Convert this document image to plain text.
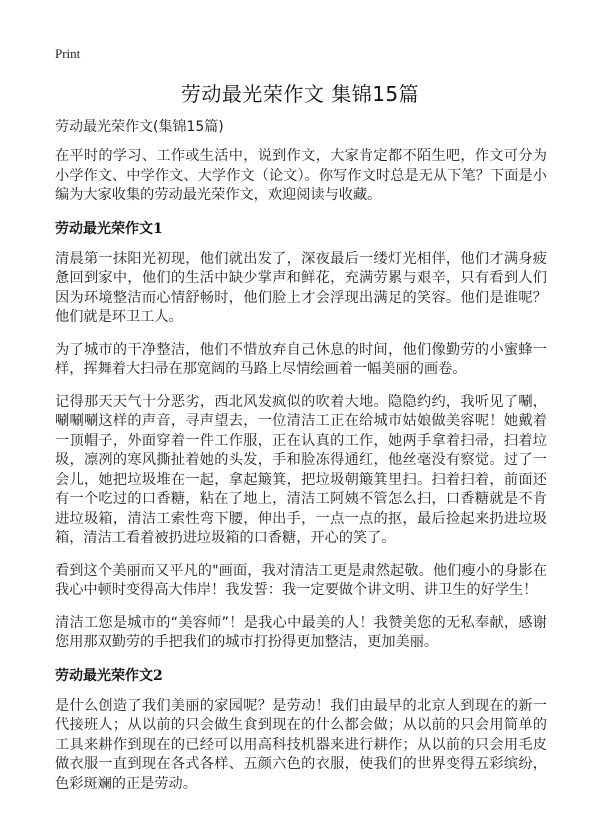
Print
劳动最光荣作文 集锦15篇

劳动最光荣作文(集锦15篇)

在平时的学习、工作或生活中，说到作文，大家肯定都不陌生吧，作文可分为小学作文、中学作文、大学作文（论文）。你写作文时总是无从下笔？下面是小编为大家收集的劳动最光荣作文，欢迎阅读与收藏。

劳动最光荣作文1

清晨第一抹阳光初现，他们就出发了，深夜最后一缕灯光相伴，他们才满身疲惫回到家中，他们的生活中缺少掌声和鲜花，充满劳累与艰辛，只有看到人们因为环境整洁而心情舒畅时，他们脸上才会浮现出满足的笑容。他们是谁呢？他们就是环卫工人。

为了城市的干净整洁，他们不惜放弃自己休息的时间，他们像勤劳的小蜜蜂一样，挥舞着大扫帚在那宽阔的马路上尽情绘画着一幅美丽的画卷。

记得那天天气十分恶劣，西北风发疯似的吹着大地。隐隐约约，我听见了唰，唰唰唰这样的声音，寻声望去，一位清洁工正在给城市姑娘做美容呢！她戴着一顶帽子，外面穿着一件工作服，正在认真的工作，她两手拿着扫帚，扫着垃圾，凛冽的寒风撕扯着她的头发，手和脸冻得通红，他丝毫没有察觉。过了一会儿，她把垃圾堆在一起，拿起簸箕，把垃圾朝簸箕里扫。扫着扫着，前面还有一个吃过的口香糖，粘在了地上，清洁工阿姨不管怎么扫，口香糖就是不肯进垃圾箱，清洁工索性弯下腰，伸出手，一点一点的抠，最后捡起来扔进垃圾箱，清洁工看着被扔进垃圾箱的口香糖，开心的笑了。

看到这个美丽而又平凡的"画面，我对清洁工更是肃然起敬。他们瘦小的身影在我心中顿时变得高大伟岸！我发誓：我一定要做个讲文明、讲卫生的好学生！

清洁工您是城市的“美容师”！是我心中最美的人！我赞美您的无私奉献，感谢您用那双勤劳的手把我们的城市打扮得更加整洁，更加美丽。

劳动最光荣作文2

是什么创造了我们美丽的家园呢？是劳动！我们由最早的北京人到现在的新一代接班人；从以前的只会做生食到现在的什么都会做；从以前的只会用简单的工具来耕作到现在的已经可以用高科技机器来进行耕作；从以前的只会用毛皮做衣服一直到现在各式各样、五颜六色的衣服，使我们的世界变得五彩缤纷，色彩斑斓的正是劳动。
